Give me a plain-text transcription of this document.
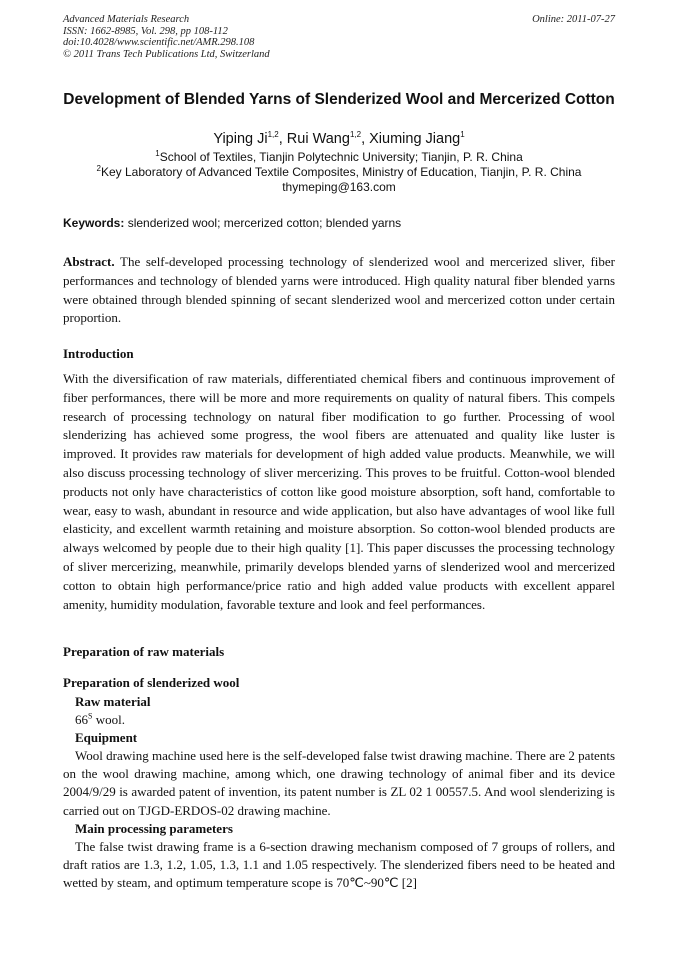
Advanced Materials Research
ISSN: 1662-8985, Vol. 298, pp 108-112
doi:10.4028/www.scientific.net/AMR.298.108
© 2011 Trans Tech Publications Ltd, Switzerland
Online: 2011-07-27
Development of Blended Yarns of Slenderized Wool and Mercerized Cotton
Yiping Ji$^{1,2}$, Rui Wang$^{1,2}$, Xiuming Jiang$^1$
$^1$School of Textiles, Tianjin Polytechnic University; Tianjin, P. R. China
$^2$Key Laboratory of Advanced Textile Composites, Ministry of Education, Tianjin, P. R. China
thymeping@163.com
Keywords: slenderized wool; mercerized cotton; blended yarns
Abstract. The self-developed processing technology of slenderized wool and mercerized sliver, fiber performances and technology of blended yarns were introduced. High quality natural fiber blended yarns were obtained through blended spinning of secant slenderized wool and mercerized cotton under certain proportion.
Introduction
With the diversification of raw materials, differentiated chemical fibers and continuous improvement of fiber performances, there will be more and more requirements on quality of natural fibers. This compels research of processing technology on natural fiber modification to go further. Processing of wool slenderizing has achieved some progress, the wool fibers are attenuated and quality like luster is improved. It provides raw materials for development of high added value products. Meanwhile, we will also discuss processing technology of sliver mercerizing. This proves to be fruitful. Cotton-wool blended products not only have characteristics of cotton like good moisture absorption, soft hand, comfortable to wear, easy to wash, abundant in resource and wide application, but also have advantages of wool like full elasticity, and excellent warmth retaining and moisture absorption. So cotton-wool blended products are always welcomed by people due to their high quality [1]. This paper discusses the processing technology of sliver mercerizing, meanwhile, primarily develops blended yarns of slenderized wool and mercerized cotton to obtain high performance/price ratio and high added value products with excellent apparel amenity, humidity modulation, favorable texture and look and feel performances.
Preparation of raw materials
Preparation of slenderized wool
Raw material
$66^S$ wool.
Equipment
Wool drawing machine used here is the self-developed false twist drawing machine. There are 2 patents on the wool drawing machine, among which, one drawing technology of animal fiber and its device 2004/9/29 is awarded patent of invention, its patent number is ZL 02 1 00557.5. And wool slenderizing is carried out on TJGD-ERDOS-02 drawing machine.
Main processing parameters
The false twist drawing frame is a 6-section drawing mechanism composed of 7 groups of rollers, and draft ratios are 1.3, 1.2, 1.05, 1.3, 1.1 and 1.05 respectively. The slenderized fibers need to be heated and wetted by steam, and optimum temperature scope is 70℃~90℃ [2]
